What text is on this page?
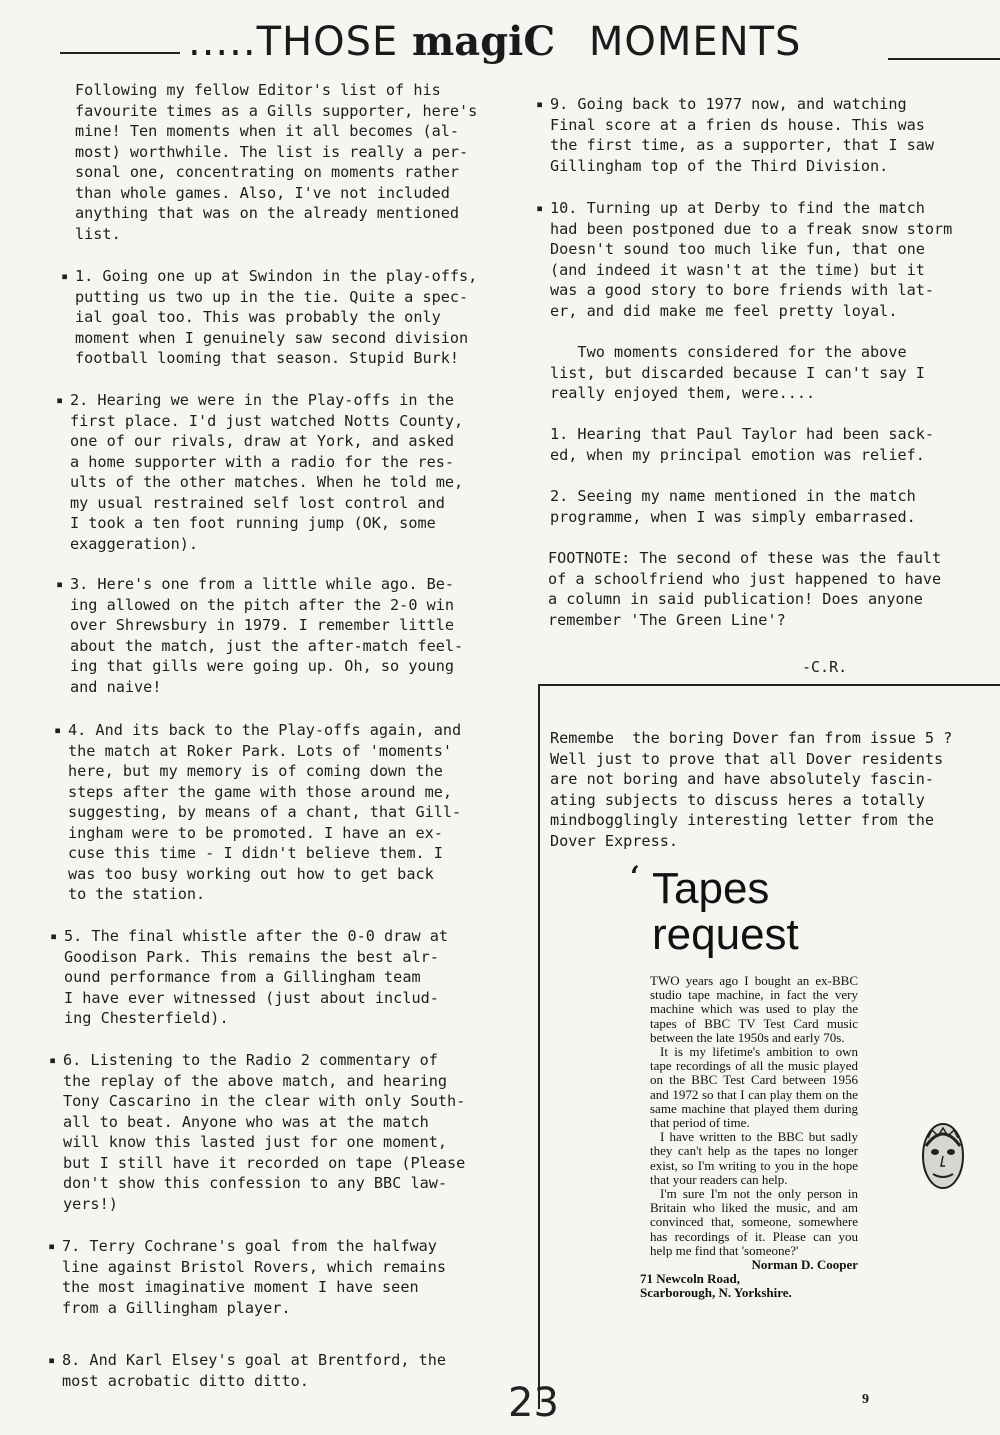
.....THOSE magiC MOMENTS
Following my fellow Editor's list of his
favourite times as a Gills supporter, here's
mine! Ten moments when it all becomes (al-
most) worthwhile. The list is really a per-
sonal one, concentrating on moments rather
than whole games. Also, I've not included
anything that was on the already mentioned
list.
▪ 1. Going one up at Swindon in the play-offs,
putting us two up in the tie. Quite a spec-
ial goal too. This was probably the only
moment when I genuinely saw second division
football looming that season. Stupid Burk!
▪ 2. Hearing we were in the Play-offs in the
first place. I'd just watched Notts County,
one of our rivals, draw at York, and asked
a home supporter with a radio for the res-
ults of the other matches. When he told me,
my usual restrained self lost control and
I took a ten foot running jump (OK, some
exaggeration).
▪ 3. Here's one from a little while ago. Be-
ing allowed on the pitch after the 2-0 win
over Shrewsbury in 1979. I remember little
about the match, just the after-match feel-
ing that gills were going up. Oh, so young
and naive!
▪ 4. And its back to the Play-offs again, and
the match at Roker Park. Lots of 'moments'
here, but my memory is of coming down the
steps after the game with those around me,
suggesting, by means of a chant, that Gill-
ingham were to be promoted. I have an ex-
cuse this time - I didn't believe them. I
was too busy working out how to get back
to the station.
▪ 5. The final whistle after the 0-0 draw at
Goodison Park. This remains the best alr-
ound performance from a Gillingham team
I have ever witnessed (just about includ-
ing Chesterfield).
▪ 6. Listening to the Radio 2 commentary of
the replay of the above match, and hearing
Tony Cascarino in the clear with only South-
all to beat. Anyone who was at the match
will know this lasted just for one moment,
but I still have it recorded on tape (Please
don't show this confession to any BBC law-
yers!)
▪ 7. Terry Cochrane's goal from the halfway
line against Bristol Rovers, which remains
the most imaginative moment I have seen
from a Gillingham player.
▪ 8. And Karl Elsey's goal at Brentford, the
most acrobatic ditto ditto.
▪ 9. Going back to 1977 now, and watching
Final score at a frien ds house. This was
the first time, as a supporter, that I saw
Gillingham top of the Third Division.
▪ 10. Turning up at Derby to find the match
had been postponed due to a freak snow storm
Doesn't sound too much like fun, that one
(and indeed it wasn't at the time) but it
was a good story to bore friends with lat-
er, and did make me feel pretty loyal.
Two moments considered for the above
list, but discarded because I can't say I
really enjoyed them, were....
1. Hearing that Paul Taylor had been sack-
ed, when my principal emotion was relief.
2. Seeing my name mentioned in the match
programme, when I was simply embarrased.
FOOTNOTE: The second of these was the fault
of a schoolfriend who just happened to have
a column in said publication! Does anyone
remember 'The Green Line'?
-C.R.
Remembe  the boring Dover fan from issue 5 ?
Well just to prove that all Dover residents
are not boring and have absolutely fascin-
ating subjects to discuss heres a totally
mindbogglingly interesting letter from the
Dover Express.
‘ Tapes
request

TWO years ago I bought an ex-BBC studio tape machine, in fact the very machine which was used to play the tapes of BBC TV Test Card music between the late 1950s and early 70s.

It is my lifetime's ambition to own tape recordings of all the music played on the BBC Test Card between 1956 and 1972 so that I can play them on the same machine that played them during that period of time.

I have written to the BBC but sadly they can't help as the tapes no longer exist, so I'm writing to you in the hope that your readers can help.

I'm sure I'm not the only person in Britain who liked the music, and am convinced that, someone, somewhere has recordings of it. Please can you help me find that 'someone?'

Norman D. Cooper
71 Newcoln Road,
Scarborough, N. Yorkshire.
9
23
